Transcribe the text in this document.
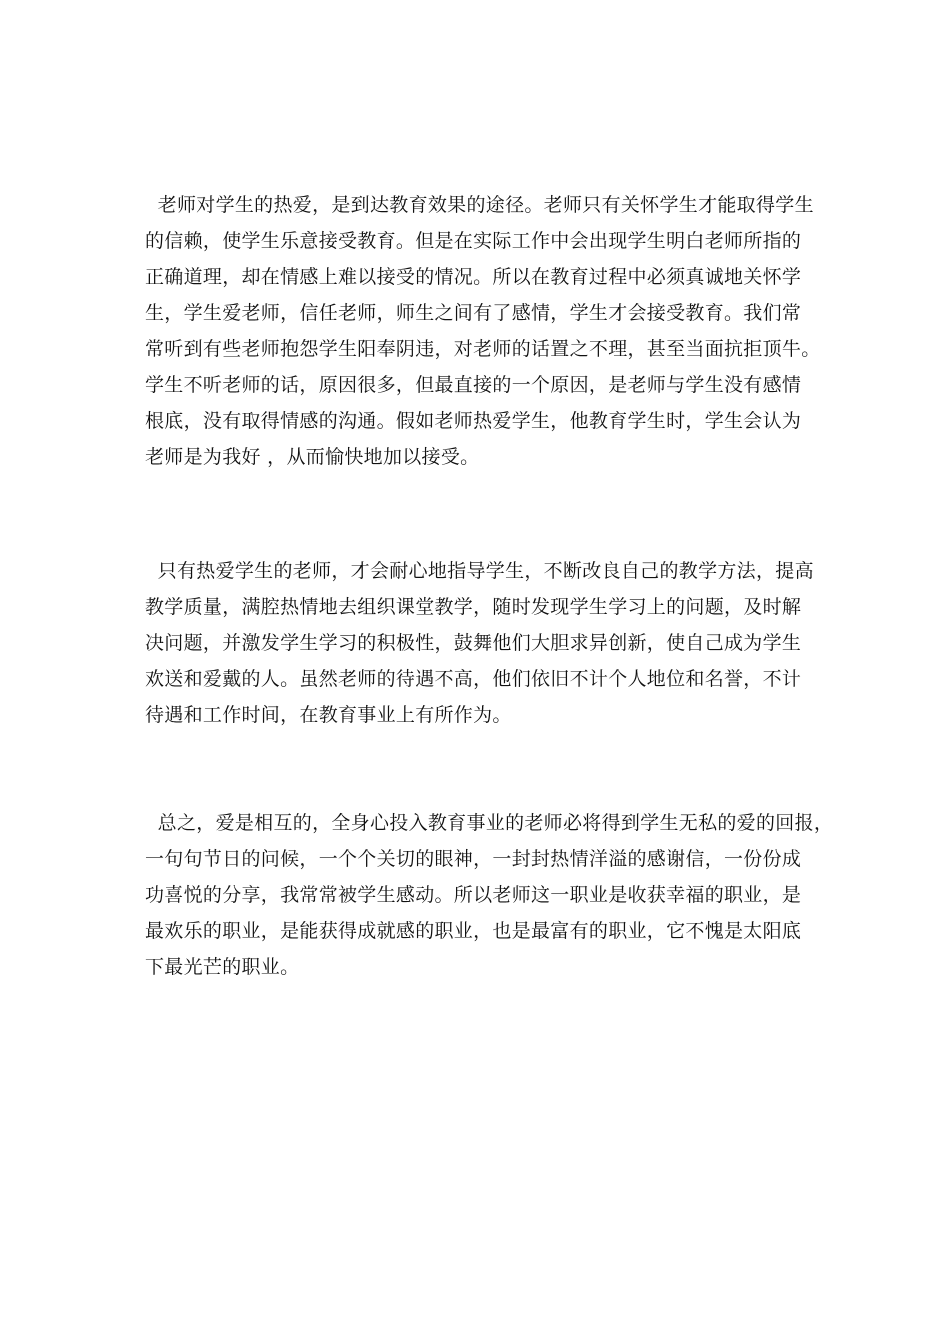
老师对学生的热爱，是到达教育效果的途径。老师只有关怀学生才能取得学生
的信赖，使学生乐意接受教育。但是在实际工作中会出现学生明白老师所指的
正确道理，却在情感上难以接受的情况。所以在教育过程中必须真诚地关怀学
生，学生爱老师，信任老师，师生之间有了感情，学生才会接受教育。我们常
常听到有些老师抱怨学生阳奉阴违，对老师的话置之不理，甚至当面抗拒顶牛。
学生不听老师的话，原因很多，但最直接的一个原因，是老师与学生没有感情
根底，没有取得情感的沟通。假如老师热爱学生，他教育学生时，学生会认为
老师是为我好 ，从而愉快地加以接受。
只有热爱学生的老师，才会耐心地指导学生，不断改良自己的教学方法，提高
教学质量，满腔热情地去组织课堂教学，随时发现学生学习上的问题，及时解
决问题，并激发学生学习的积极性，鼓舞他们大胆求异创新，使自己成为学生
欢送和爱戴的人。虽然老师的待遇不高，他们依旧不计个人地位和名誉，不计
待遇和工作时间，在教育事业上有所作为。
总之，爱是相互的，全身心投入教育事业的老师必将得到学生无私的爱的回报，
一句句节日的问候，一个个关切的眼神，一封封热情洋溢的感谢信，一份份成
功喜悦的分享，我常常被学生感动。所以老师这一职业是收获幸福的职业，是
最欢乐的职业，是能获得成就感的职业，也是最富有的职业，它不愧是太阳底
下最光芒的职业。
